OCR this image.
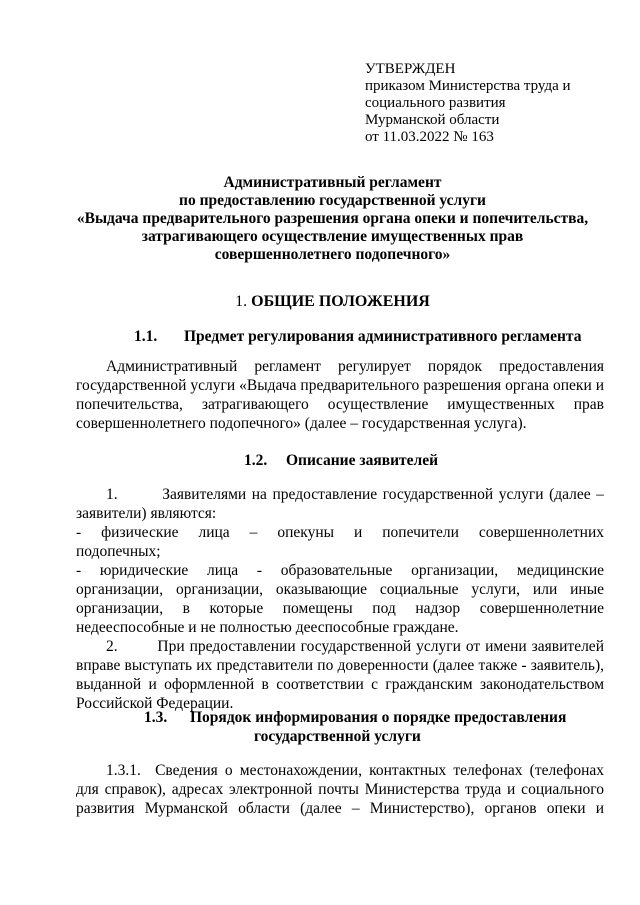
УТВЕРЖДЕН
приказом Министерства труда и
социального развития
Мурманской области
от 11.03.2022 № 163
Административный регламент
по предоставлению государственной услуги
«Выдача предварительного разрешения органа опеки и попечительства,
затрагивающего осуществление имущественных прав
совершеннолетнего подопечного»
1. ОБЩИЕ ПОЛОЖЕНИЯ
1.1. Предмет регулирования административного регламента
Административный регламент регулирует порядок предоставления
государственной услуги «Выдача предварительного разрешения органа опеки и
попечительства, затрагивающего осуществление имущественных прав
совершеннолетнего подопечного» (далее – государственная услуга).
1.2. Описание заявителей
1.        Заявителями на предоставление государственной услуги (далее –
заявители) являются:
- физические лица – опекуны и попечители совершеннолетних
подопечных;
- юридические лица - образовательные организации, медицинские
организации, организации, оказывающие социальные услуги, или иные
организации, в которые помещены под надзор совершеннолетние
недееспособные и не полностью дееспособные граждане.
2.        При предоставлении государственной услуги от имени заявителей
вправе выступать их представители по доверенности (далее также - заявитель),
выданной и оформленной в соответствии с гражданским законодательством
Российской Федерации.
1.3. Порядок информирования о порядке предоставления
государственной услуги
1.3.1.  Сведения о местонахождении, контактных телефонах (телефонах
для справок), адресах электронной почты Министерства труда и социального
развития Мурманской области (далее – Министерство), органов опеки и
